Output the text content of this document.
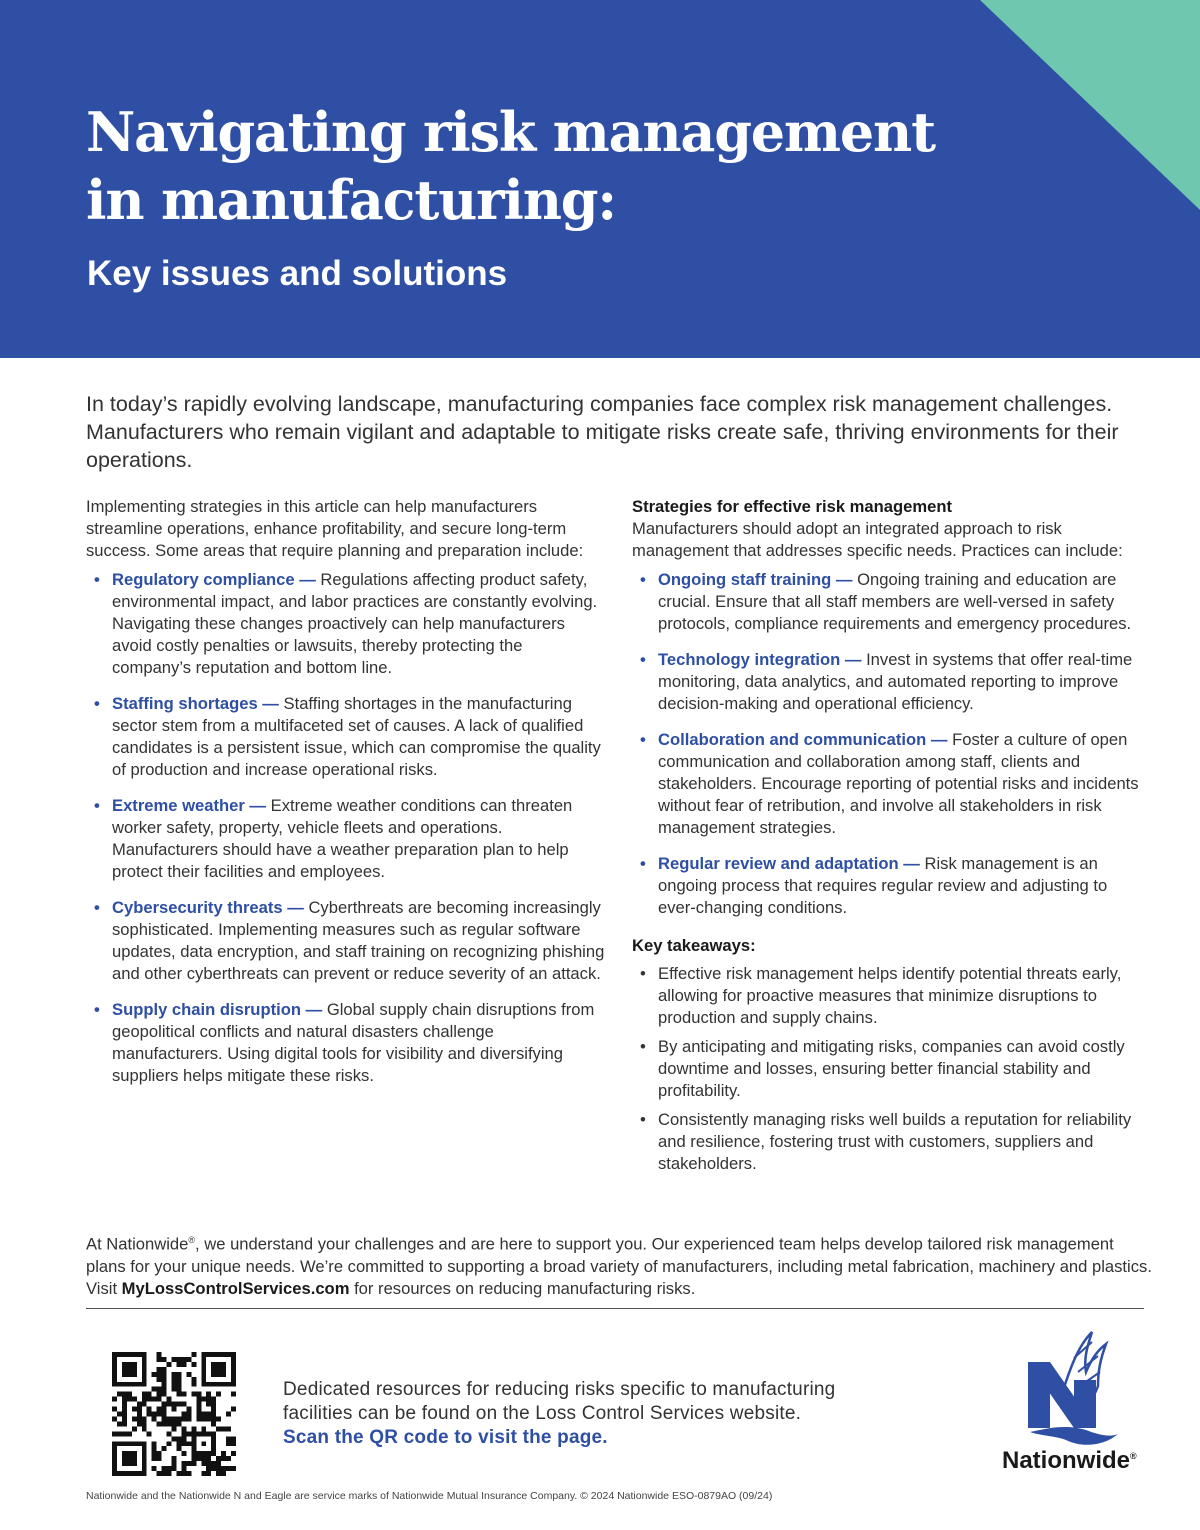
Navigating risk management
in manufacturing:
Key issues and solutions

In today’s rapidly evolving landscape, manufacturing companies face complex risk management challenges. Manufacturers who remain vigilant and adaptable to mitigate risks create safe, thriving environments for their operations.

Implementing strategies in this article can help manufacturers streamline operations, enhance profitability, and secure long-term success. Some areas that require planning and preparation include:

• Regulatory compliance — Regulations affecting product safety, environmental impact, and labor practices are constantly evolving. Navigating these changes proactively can help manufacturers avoid costly penalties or lawsuits, thereby protecting the company’s reputation and bottom line.
• Staffing shortages — Staffing shortages in the manufacturing sector stem from a multifaceted set of causes. A lack of qualified candidates is a persistent issue, which can compromise the quality of production and increase operational risks.
• Extreme weather — Extreme weather conditions can threaten worker safety, property, vehicle fleets and operations. Manufacturers should have a weather preparation plan to help protect their facilities and employees.
• Cybersecurity threats — Cyberthreats are becoming increasingly sophisticated. Implementing measures such as regular software updates, data encryption, and staff training on recognizing phishing and other cyberthreats can prevent or reduce severity of an attack.
• Supply chain disruption — Global supply chain disruptions from geopolitical conflicts and natural disasters challenge manufacturers. Using digital tools for visibility and diversifying suppliers helps mitigate these risks.
Strategies for effective risk management

Manufacturers should adopt an integrated approach to risk management that addresses specific needs. Practices can include:

• Ongoing staff training — Ongoing training and education are crucial. Ensure that all staff members are well-versed in safety protocols, compliance requirements and emergency procedures.
• Technology integration — Invest in systems that offer real-time monitoring, data analytics, and automated reporting to improve decision-making and operational efficiency.
• Collaboration and communication — Foster a culture of open communication and collaboration among staff, clients and stakeholders. Encourage reporting of potential risks and incidents without fear of retribution, and involve all stakeholders in risk management strategies.
• Regular review and adaptation — Risk management is an ongoing process that requires regular review and adjusting to ever-changing conditions.
Key takeaways:
• Effective risk management helps identify potential threats early, allowing for proactive measures that minimize disruptions to production and supply chains.
• By anticipating and mitigating risks, companies can avoid costly downtime and losses, ensuring better financial stability and profitability.
• Consistently managing risks well builds a reputation for reliability and resilience, fostering trust with customers, suppliers and stakeholders.

At Nationwide®, we understand your challenges and are here to support you. Our experienced team helps develop tailored risk management plans for your unique needs. We’re committed to supporting a broad variety of manufacturers, including metal fabrication, machinery and plastics. Visit MyLossControlServices.com for resources on reducing manufacturing risks.

Dedicated resources for reducing risks specific to manufacturing facilities can be found on the Loss Control Services website. Scan the QR code to visit the page.

Nationwide®
Nationwide and the Nationwide N and Eagle are service marks of Nationwide Mutual Insurance Company. © 2024 Nationwide ESO-0879AO (09/24)
